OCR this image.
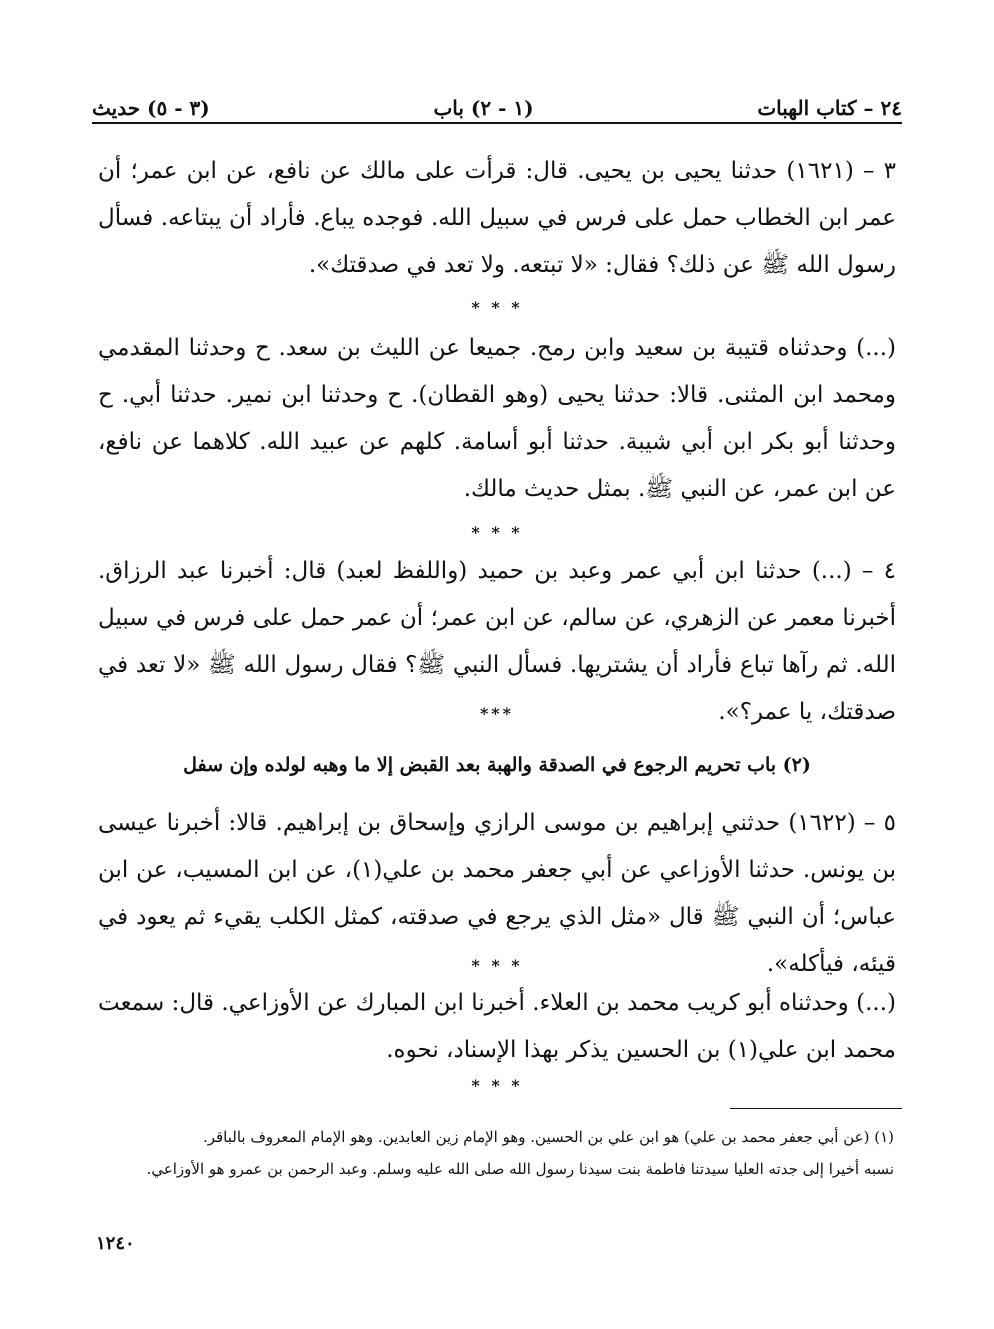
٢٤ – كتاب الهبات
(١ - ٢) باب
(٣ - ٥) حديث
٣ – (١٦٢١) حدثنا يحيى بن يحيى. قال: قرأت على مالك عن نافع، عن ابن عمر؛ أن عمر ابن الخطاب حمل على فرس في سبيل الله. فوجده يباع. فأراد أن يبتاعه. فسأل رسول الله ﷺ عن ذلك؟ فقال: «لا تبتعه. ولا تعد في صدقتك».
* * *
(...) وحدثناه قتيبة بن سعيد وابن رمح. جميعا عن الليث بن سعد. ح وحدثنا المقدمي ومحمد ابن المثنى. قالا: حدثنا يحيى (وهو القطان). ح وحدثنا ابن نمير. حدثنا أبي. ح وحدثنا أبو بكر ابن أبي شيبة. حدثنا أبو أسامة. كلهم عن عبيد الله. كلاهما عن نافع، عن ابن عمر، عن النبي ﷺ. بمثل حديث مالك.
* * *
٤ – (...) حدثنا ابن أبي عمر وعبد بن حميد (واللفظ لعبد) قال: أخبرنا عبد الرزاق. أخبرنا معمر عن الزهري، عن سالم، عن ابن عمر؛ أن عمر حمل على فرس في سبيل الله. ثم رآها تباع فأراد أن يشتريها. فسأل النبي ﷺ؟ فقال رسول الله ﷺ «لا تعد في صدقتك، يا عمر؟».
***
(٢) باب تحريم الرجوع في الصدقة والهبة بعد القبض إلا ما وهبه لولده وإن سفل
٥ – (١٦٢٢) حدثني إبراهيم بن موسى الرازي وإسحاق بن إبراهيم. قالا: أخبرنا عيسى بن يونس. حدثنا الأوزاعي عن أبي جعفر محمد بن علي(١)، عن ابن المسيب، عن ابن عباس؛ أن النبي ﷺ قال «مثل الذي يرجع في صدقته، كمثل الكلب يقيء ثم يعود في قيئه، فيأكله».
* * *
(...) وحدثناه أبو كريب محمد بن العلاء. أخبرنا ابن المبارك عن الأوزاعي. قال: سمعت محمد ابن علي(١) بن الحسين يذكر بهذا الإسناد، نحوه.
* * *
(١) (عن أبي جعفر محمد بن علي) هو ابن علي بن الحسين. وهو الإمام زين العابدين. وهو الإمام المعروف بالباقر.
نسبه أخيرا إلى جدته العليا سيدتنا فاطمة بنت سيدنا رسول الله صلى الله عليه وسلم. وعبد الرحمن بن عمرو هو الأوزاعي.
١٢٤٠
